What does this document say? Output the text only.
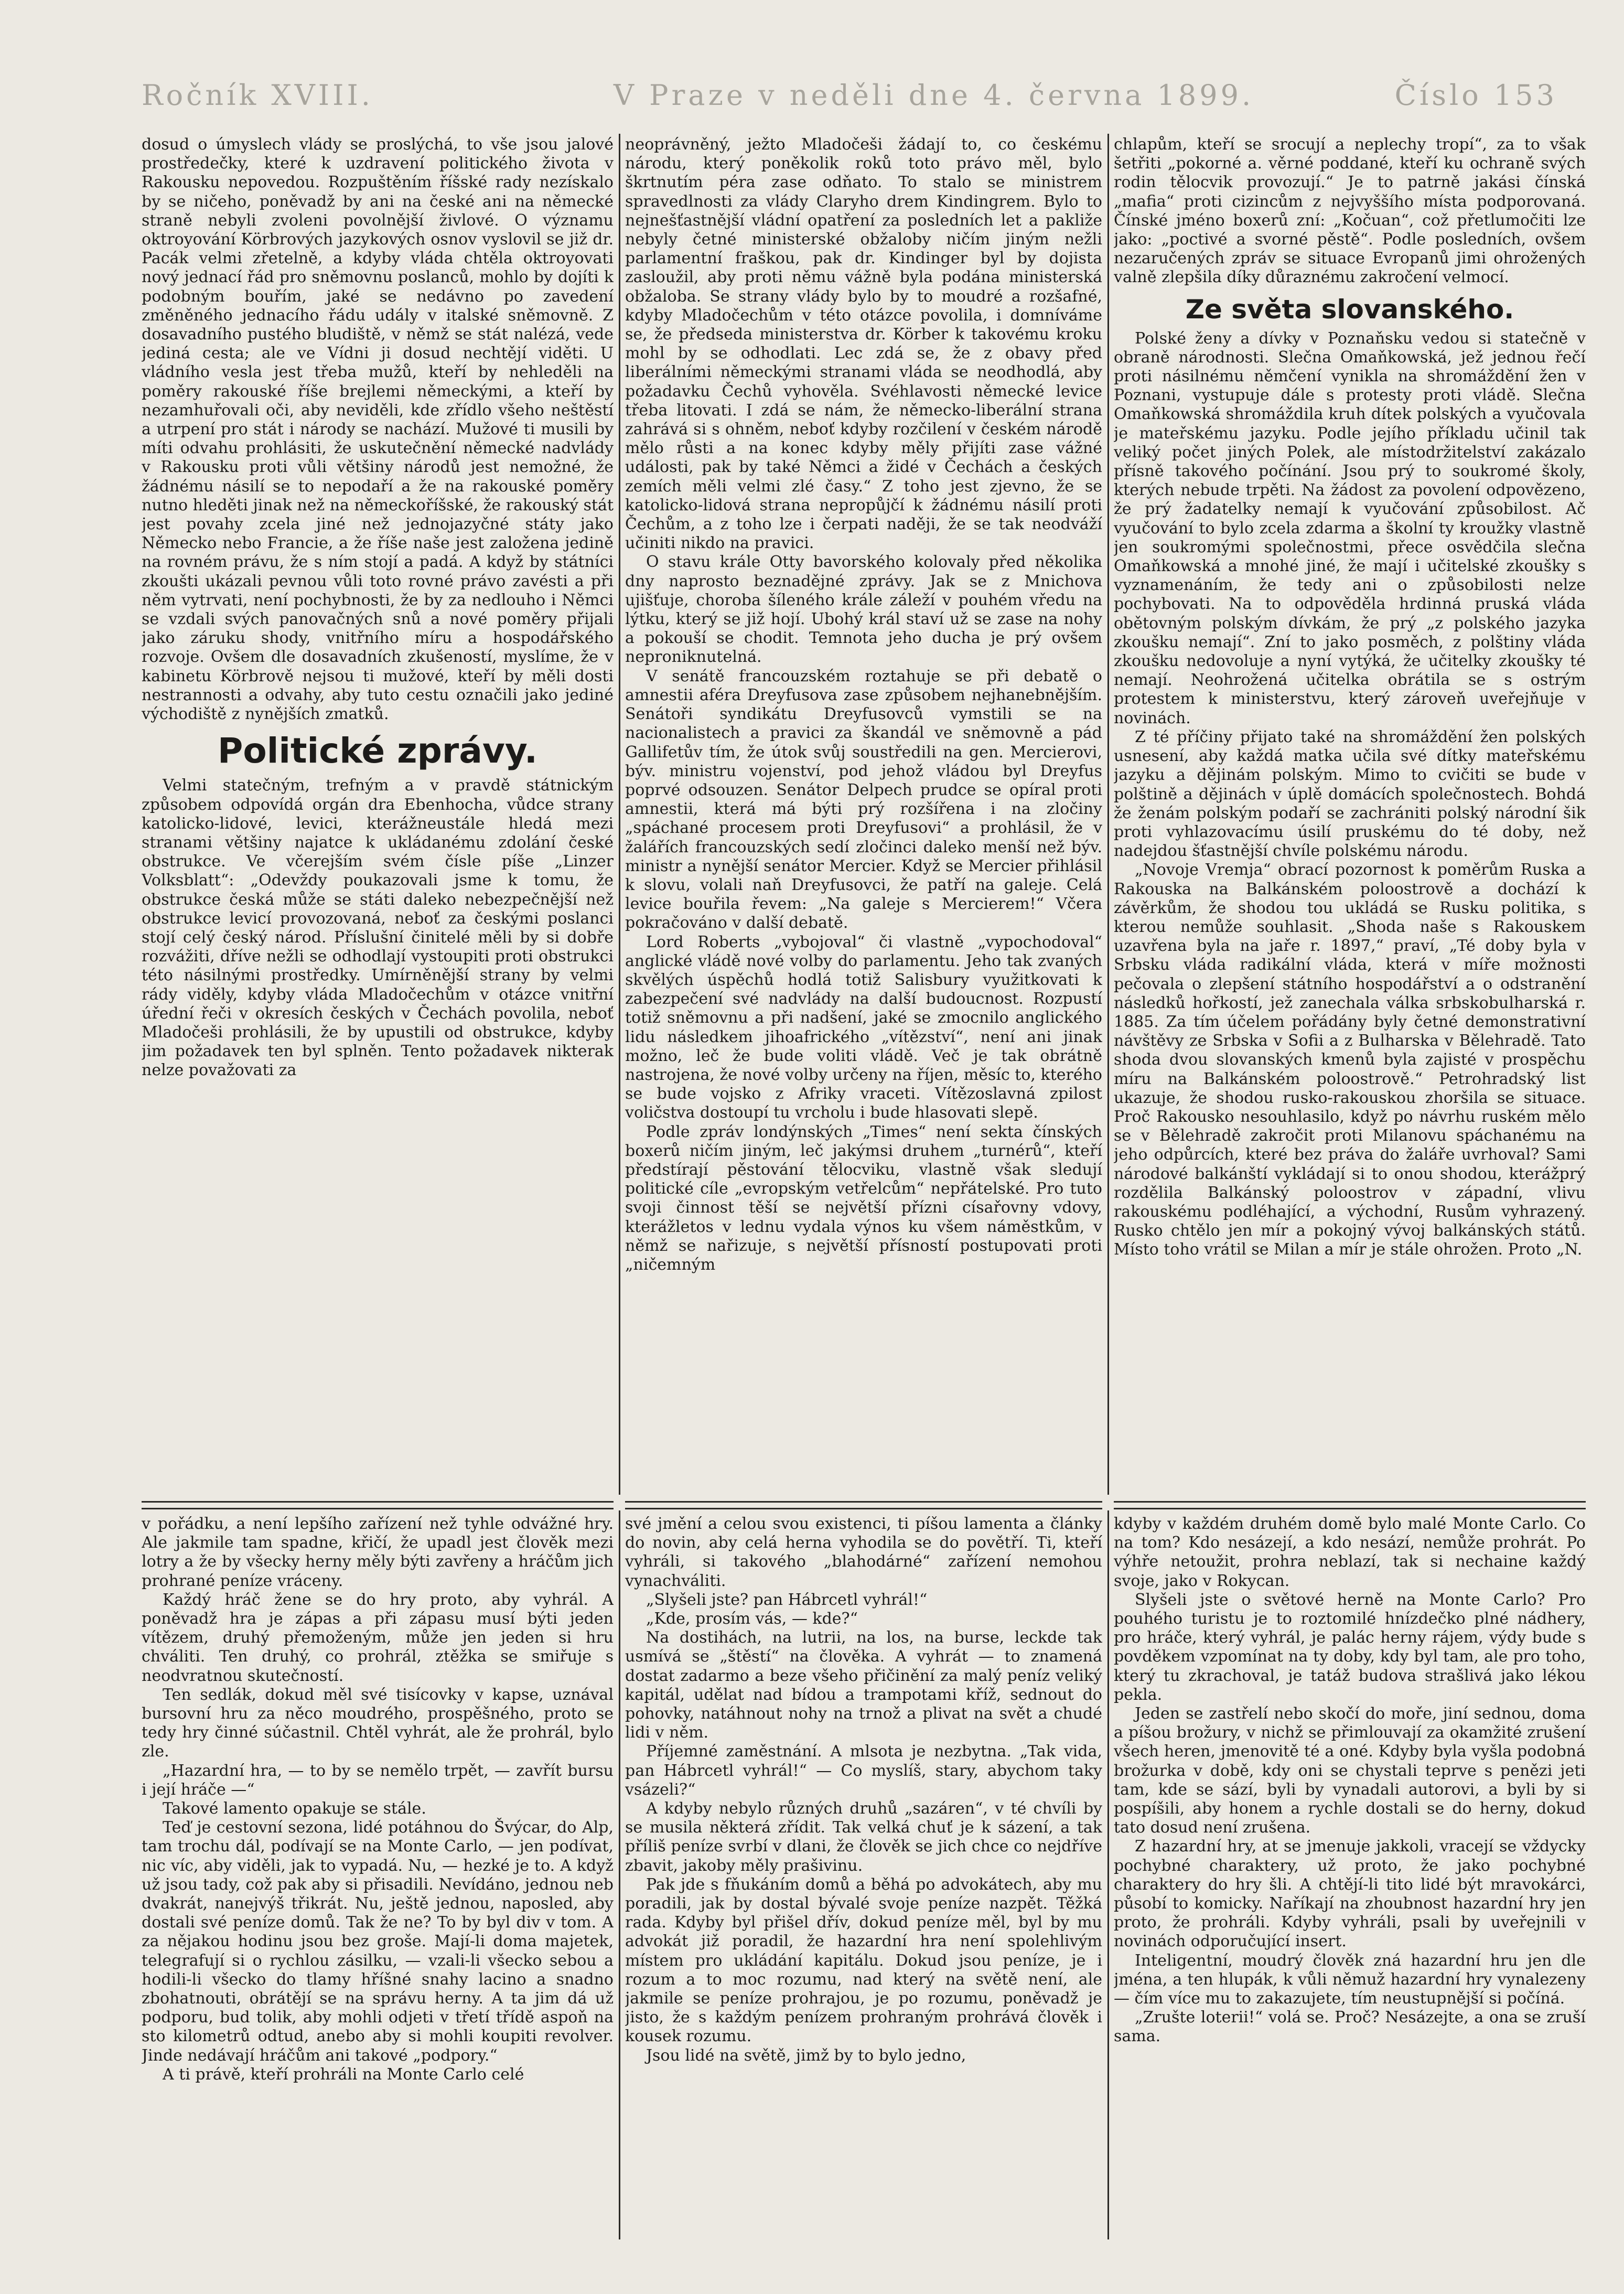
Ročník XVIII.	V Praze v neděli dne 4. června 1899.	Číslo 153

dosud o úmyslech vlády se proslýchá, to vše jsou jalové prostředečky, které k uzdravení politického života v Rakousku nepovedou. Rozpuštěním říšské rady nezískalo by se ničeho, poněvadž by ani na české ani na německé straně nebyli zvoleni povolnější živlové. O významu oktroyování Körbrových jazykových osnov vyslovil se již dr. Pacák velmi zřetelně, a kdyby vláda chtěla oktroyovati nový jednací řád pro sněmovnu poslanců, mohlo by dojíti k podobným bouřím, jaké se nedávno po zavedení změněného jednacího řádu udály v italské sněmovně. Z dosavadního pustého bludiště, v němž se stát nalézá, vede jediná cesta; ale ve Vídni ji dosud nechtějí viděti. U vládního vesla jest třeba mužů, kteří by nehleděli na poměry rakouské říše brejlemi německými, a kteří by nezamhuřovali oči, aby neviděli, kde zřídlo všeho neštěstí a utrpení pro stát i národy se nachází. Mužové ti musili by míti odvahu prohlásiti, že uskutečnění německé nadvlády v Rakousku proti vůli většiny národů jest nemožné, že žádnému násilí se to nepodaří a že na rakouské poměry nutno hleděti jinak než na německoříšské, že rakouský stát jest povahy zcela jiné než jednojazyčné státy jako Německo nebo Francie, a že říše naše jest založena jedině na rovném právu, že s ním stojí a padá. A když by státníci zkoušti ukázali pevnou vůli toto rovné právo zavésti a při něm vytrvati, není pochybnosti, že by za nedlouho i Němci se vzdali svých panovačných snů a nové poměry přijali jako záruku shody, vnitřního míru a hospodářského rozvoje. Ovšem dle dosavadních zkušeností, myslíme, že v kabinetu Körbrově nejsou ti mužové, kteří by měli dosti nestrannosti a odvahy, aby tuto cestu označili jako jediné východiště z nynějších zmatků.

Politické zprávy.

Velmi statečným, trefným a v pravdě státnickým způsobem odpovídá orgán dra Ebenhocha, vůdce strany katolicko-lidové, levici, kterážneustále hledá mezi stranami většiny najatce k ukládanému zdolání české obstrukce. Ve včerejším svém čísle píše „Linzer Volksblatt“: „Odevždy poukazovali jsme k tomu, že obstrukce česká může se státi daleko nebezpečnější než obstrukce levicí provozovaná, neboť za českými poslanci stojí celý český národ. Příslušní činitelé měli by si dobře rozvážiti, dříve nežli se odhodlají vystoupiti proti obstrukci této násilnými prostředky. Umírněnější strany by velmi rády viděly, kdyby vláda Mladočechům v otázce vnitřní úřední řeči v okresích českých v Čechách povolila, neboť Mladočeši prohlásili, že by upustili od obstrukce, kdyby jim požadavek ten byl splněn. Tento požadavek nikterak nelze považovati za

neoprávněný, ježto Mladočeši žádají to, co českému národu, který poněkolik roků toto právo měl, bylo škrtnutím péra zase odňato. To stalo se ministrem spravedlnosti za vlády Claryho drem Kindingrem. Bylo to nejnešťastnější vládní opatření za posledních let a pakliže nebyly četné ministerské obžaloby ničím jiným nežli parlamentní fraškou, pak dr. Kindinger byl by dojista zasloužil, aby proti němu vážně byla podána ministerská obžaloba. Se strany vlády bylo by to moudré a rozšafné, kdyby Mladočechům v této otázce povolila, i domníváme se, že předseda ministerstva dr. Körber k takovému kroku mohl by se odhodlati. Lec zdá se, že z obavy před liberálními německými stranami vláda se neodhodlá, aby požadavku Čechů vyhověla. Svéhlavosti německé levice třeba litovati. I zdá se nám, že německo-liberální strana zahrává si s ohněm, neboť kdyby rozčilení v českém národě mělo růsti a na konec kdyby měly přijíti zase vážné události, pak by také Němci a židé v Čechách a českých zemích měli velmi zlé časy.“ Z toho jest zjevno, že se katolicko-lidová strana nepropůjčí k žádnému násilí proti Čechům, a z toho lze i čerpati naději, že se tak neodváží učiniti nikdo na pravici.

O stavu krále Otty bavorského kolovaly před několika dny naprosto beznadějné zprávy. Jak se z Mnichova ujišťuje, choroba šíleného krále záleží v pouhém vředu na lýtku, který se již hojí. Ubohý král staví už se zase na nohy a pokouší se chodit. Temnota jeho ducha je prý ovšem neproniknutelná.

V senátě francouzském roztahuje se při debatě o amnestii aféra Dreyfusova zase způsobem nejhanebnějším. Senátoři syndikátu Dreyfusovců vymstili se na nacionalistech a pravici za škandál ve sněmovně a pád Gallifetův tím, že útok svůj soustředili na gen. Mercierovi, býv. ministru vojenství, pod jehož vládou byl Dreyfus poprvé odsouzen. Senátor Delpech prudce se opíral proti amnestii, která má býti prý rozšířena i na zločiny „spáchané procesem proti Dreyfusovi“ a prohlásil, že v žalářích francouzských sedí zločinci daleko menší než býv. ministr a nynější senátor Mercier. Když se Mercier přihlásil k slovu, volali naň Dreyfusovci, že patří na galeje. Celá levice bouřila řevem: „Na galeje s Mercierem!“ Včera pokračováno v další debatě.

Lord Roberts „vybojoval“ či vlastně „vypochodoval“ anglické vládě nové volby do parlamentu. Jeho tak zvaných skvělých úspěchů hodlá totiž Salisbury využitkovati k zabezpečení své nadvlády na další budoucnost. Rozpustí totiž sněmovnu a při nadšení, jaké se zmocnilo anglického lidu následkem jihoafrického „vítězství“, není ani jinak možno, leč že bude voliti vládě. Več je tak obrátně nastrojena, že nové volby určeny na říjen, měsíc to, kterého se bude vojsko z Afriky vraceti. Vítězoslavná zpilost voličstva dostoupí tu vrcholu i bude hlasovati slepě.

Podle zpráv londýnských „Times“ není sekta čínských boxerů ničím jiným, leč jakýmsi druhem „turnérů“, kteří předstírají pěstování tělocviku, vlastně však sledují politické cíle „evropským vetřelcům“ nepřátelské. Pro tuto svoji činnost těší se největší přízni císařovny vdovy, kterážletos v lednu vydala výnos ku všem náměstkům, v němž se nařizuje, s největší přísností postupovati proti „ničemným

chlapům, kteří se srocují a neplechy tropí“, za to však šetřiti „pokorné a. věrné poddané, kteří ku ochraně svých rodin tělocvik provozují.“ Je to patrně jakási čínská „mafia“ proti cizincům z nejvyššího místa podporovaná. Čínské jméno boxerů zní: „Kočuan“, což přetlumočiti lze jako: „poctivé a svorné pěstě“. Podle posledních, ovšem nezaručených zpráv se situace Evropanů jimi ohrožených valně zlepšila díky důraznému zakročení velmocí.

Ze světa slovanského.

Polské ženy a dívky v Poznaňsku vedou si statečně v obraně národnosti. Slečna Omaňkowská, jež jednou řečí proti násilnému němčení vynikla na shromáždění žen v Poznani, vystupuje dále s protesty proti vládě. Slečna Omaňkowská shromáždila kruh dítek polských a vyučovala je mateřskému jazyku. Podle jejího příkladu učinil tak veliký počet jiných Polek, ale místodržitelství zakázalo přísně takového počínání. Jsou prý to soukromé školy, kterých nebude trpěti. Na žádost za povolení odpovězeno, že prý žadatelky nemají k vyučování způsobilost. Ač vyučování to bylo zcela zdarma a školní ty kroužky vlastně jen soukromými společnostmi, přece osvědčila slečna Omaňkowská a mnohé jiné, že mají i učitelské zkoušky s vyznamenáním, že tedy ani o způsobilosti nelze pochybovati. Na to odpověděla hrdinná pruská vláda obětovným polským dívkám, že prý „z polského jazyka zkoušku nemají“. Zní to jako posměch, z polštiny vláda zkoušku nedovoluje a nyní vytýká, že učitelky zkoušky té nemají. Neohrožená učitelka obrátila se s ostrým protestem k ministerstvu, který zároveň uveřejňuje v novinách.

Z té příčiny přijato také na shromáždění žen polských usnesení, aby každá matka učila své dítky mateřskému jazyku a dějinám polským. Mimo to cvičiti se bude v polštině a dějinách v úplě domácích společnostech. Bohdá že ženám polským podaří se zachrániti polský národní šik proti vyhlazovacímu úsilí pruskému do té doby, než nadejdou šťastnější chvíle polskému národu.

„Novoje Vremja“ obrací pozornost k poměrům Ruska a Rakouska na Balkánském poloostrově a dochází k závěrkům, že shodou tou ukládá se Rusku politika, s kterou nemůže souhlasit. „Shoda naše s Rakouskem uzavřena byla na jaře r. 1897,“ praví, „Té doby byla v Srbsku vláda radikální vláda, která v míře možnosti pečovala o zlepšení státního hospodářství a o odstranění následků hořkostí, jež zanechala válka srbskobulharská r. 1885. Za tím účelem pořádány byly četné demonstrativní návštěvy ze Srbska v Sofii a z Bulharska v Bělehradě. Tato shoda dvou slovanských kmenů byla zajisté v prospěchu míru na Balkánském poloostrově.“ Petrohradský list ukazuje, že shodou rusko-rakouskou zhoršila se situace. Proč Rakousko nesouhlasilo, když po návrhu ruském mělo se v Bělehradě zakročit proti Milanovu spáchanému na jeho odpůrcích, které bez práva do žaláře uvrhoval? Sami národové balkánští vykládají si to onou shodou, kterážprý rozdělila Balkánský poloostrov v západní, vlivu rakouskému podléhající, a východní, Rusům vyhrazený. Rusko chtělo jen mír a pokojný vývoj balkánských států. Místo toho vrátil se Milan a mír je stále ohrožen. Proto „N.

v pořádku, a není lepšího zařízení než tyhle odvážné hry. Ale jakmile tam spadne, křičí, že upadl jest člověk mezi lotry a že by všecky herny měly býti zavřeny a hráčům jich prohrané peníze vráceny.

Každý hráč žene se do hry proto, aby vyhrál. A poněvadž hra je zápas a při zápasu musí býti jeden vítězem, druhý přemoženým, může jen jeden si hru chváliti. Ten druhý, co prohrál, ztěžka se smiřuje s neodvratnou skutečností.

Ten sedlák, dokud měl své tisícovky v kapse, uznával bursovní hru za něco moudrého, prospěšného, proto se tedy hry činné súčastnil. Chtěl vyhrát, ale že prohrál, bylo zle.

„Hazardní hra, — to by se nemělo trpět, — zavřít bursu i její hráče —“

Takové lamento opakuje se stále.

Teď je cestovní sezona, lidé potáhnou do Švýcar, do Alp, tam trochu dál, podívají se na Monte Carlo, — jen podívat, nic víc, aby viděli, jak to vypadá. Nu, — hezké je to. A když už jsou tady, což pak aby si přisadili. Nevídáno, jednou neb dvakrát, nanejvýš třikrát. Nu, ještě jednou, naposled, aby dostali své peníze domů. Tak že ne? To by byl div v tom. A za nějakou hodinu jsou bez groše. Mají-li doma majetek, telegrafují si o rychlou zásilku, — vzali-li všecko sebou a hodili-li všecko do tlamy hříšné snahy lacino a snadno zbohatnouti, obrátějí se na správu herny. A ta jim dá už podporu, bud tolik, aby mohli odjeti v třetí třídě aspoň na sto kilometrů odtud, anebo aby si mohli koupiti revolver. Jinde nedávají hráčům ani takové „podpory.“

A ti právě, kteří prohráli na Monte Carlo celé

své jmění a celou svou existenci, ti píšou lamenta a články do novin, aby celá herna vyhodila se do povětří. Ti, kteří vyhráli, si takového „blahodárné“ zařízení nemohou vynachváliti.

„Slyšeli jste? pan Hábrcetl vyhrál!“

„Kde, prosím vás, — kde?“

Na dostihách, na lutrii, na los, na burse, leckde tak usmívá se „štěstí“ na člověka. A vyhrát — to znamená dostat zadarmo a beze všeho přičinění za malý peníz veliký kapitál, udělat nad bídou a trampotami kříž, sednout do pohovky, natáhnout nohy na trnož a plivat na svět a chudé lidi v něm.

Příjemné zaměstnání. A mlsota je nezbytna. „Tak vida, pan Hábrcetl vyhrál!“ — Co myslíš, stary, abychom taky vsázeli?“

A kdyby nebylo různých druhů „sazáren“, v té chvíli by se musila některá zřídit. Tak velká chuť je k sázení, a tak příliš peníze svrbí v dlani, že člověk se jich chce co nejdříve zbavit, jakoby měly prašivinu.

Pak jde s fňukáním domů a běhá po advokátech, aby mu poradili, jak by dostal bývalé svoje peníze nazpět. Těžká rada. Kdyby byl přišel dřív, dokud peníze měl, byl by mu advokát již poradil, že hazardní hra není spolehlivým místem pro ukládání kapitálu. Dokud jsou peníze, je i rozum a to moc rozumu, nad který na světě není, ale jakmile se peníze prohrajou, je po rozumu, poněvadž je jisto, že s každým penízem prohraným prohrává člověk i kousek rozumu.

Jsou lidé na světě, jimž by to bylo jedno,

kdyby v každém druhém domě bylo malé Monte Carlo. Co na tom? Kdo nesázejí, a kdo nesází, nemůže prohrát. Po výhře netoužit, prohra neblazí, tak si nechaine každý svoje, jako v Rokycan.

Slyšeli jste o světové herně na Monte Carlo? Pro pouhého turistu je to roztomilé hnízdečko plné nádhery, pro hráče, který vyhrál, je palác herny rájem, výdy bude s povděkem vzpomínat na ty doby, kdy byl tam, ale pro toho, který tu zkrachoval, je tatáž budova strašlivá jako lékou pekla.

Jeden se zastřelí nebo skočí do moře, jiní sednou, doma a píšou brožury, v nichž se přimlouvají za okamžité zrušení všech heren, jmenovitě té a oné. Kdyby byla vyšla podobná brožurka v době, kdy oni se chystali teprve s penězi jeti tam, kde se sází, byli by vynadali autorovi, a byli by si pospíšili, aby honem a rychle dostali se do herny, dokud tato dosud není zrušena.

Z hazardní hry, at se jmenuje jakkoli, vracejí se vždycky pochybné charaktery, už proto, že jako pochybné charaktery do hry šli. A chtějí-li tito lidé být mravokárci, působí to komicky. Naříkají na zhoubnost hazardní hry jen proto, že prohráli. Kdyby vyhráli, psali by uveřejnili v novinách odporučující insert.

Inteligentní, moudrý člověk zná hazardní hru jen dle jména, a ten hlupák, k vůli němuž hazardní hry vynalezeny — čím více mu to zakazujete, tím neustupnější si počíná.

„Zrušte loterii!“ volá se. Proč? Nesázejte, a ona se zruší sama.
